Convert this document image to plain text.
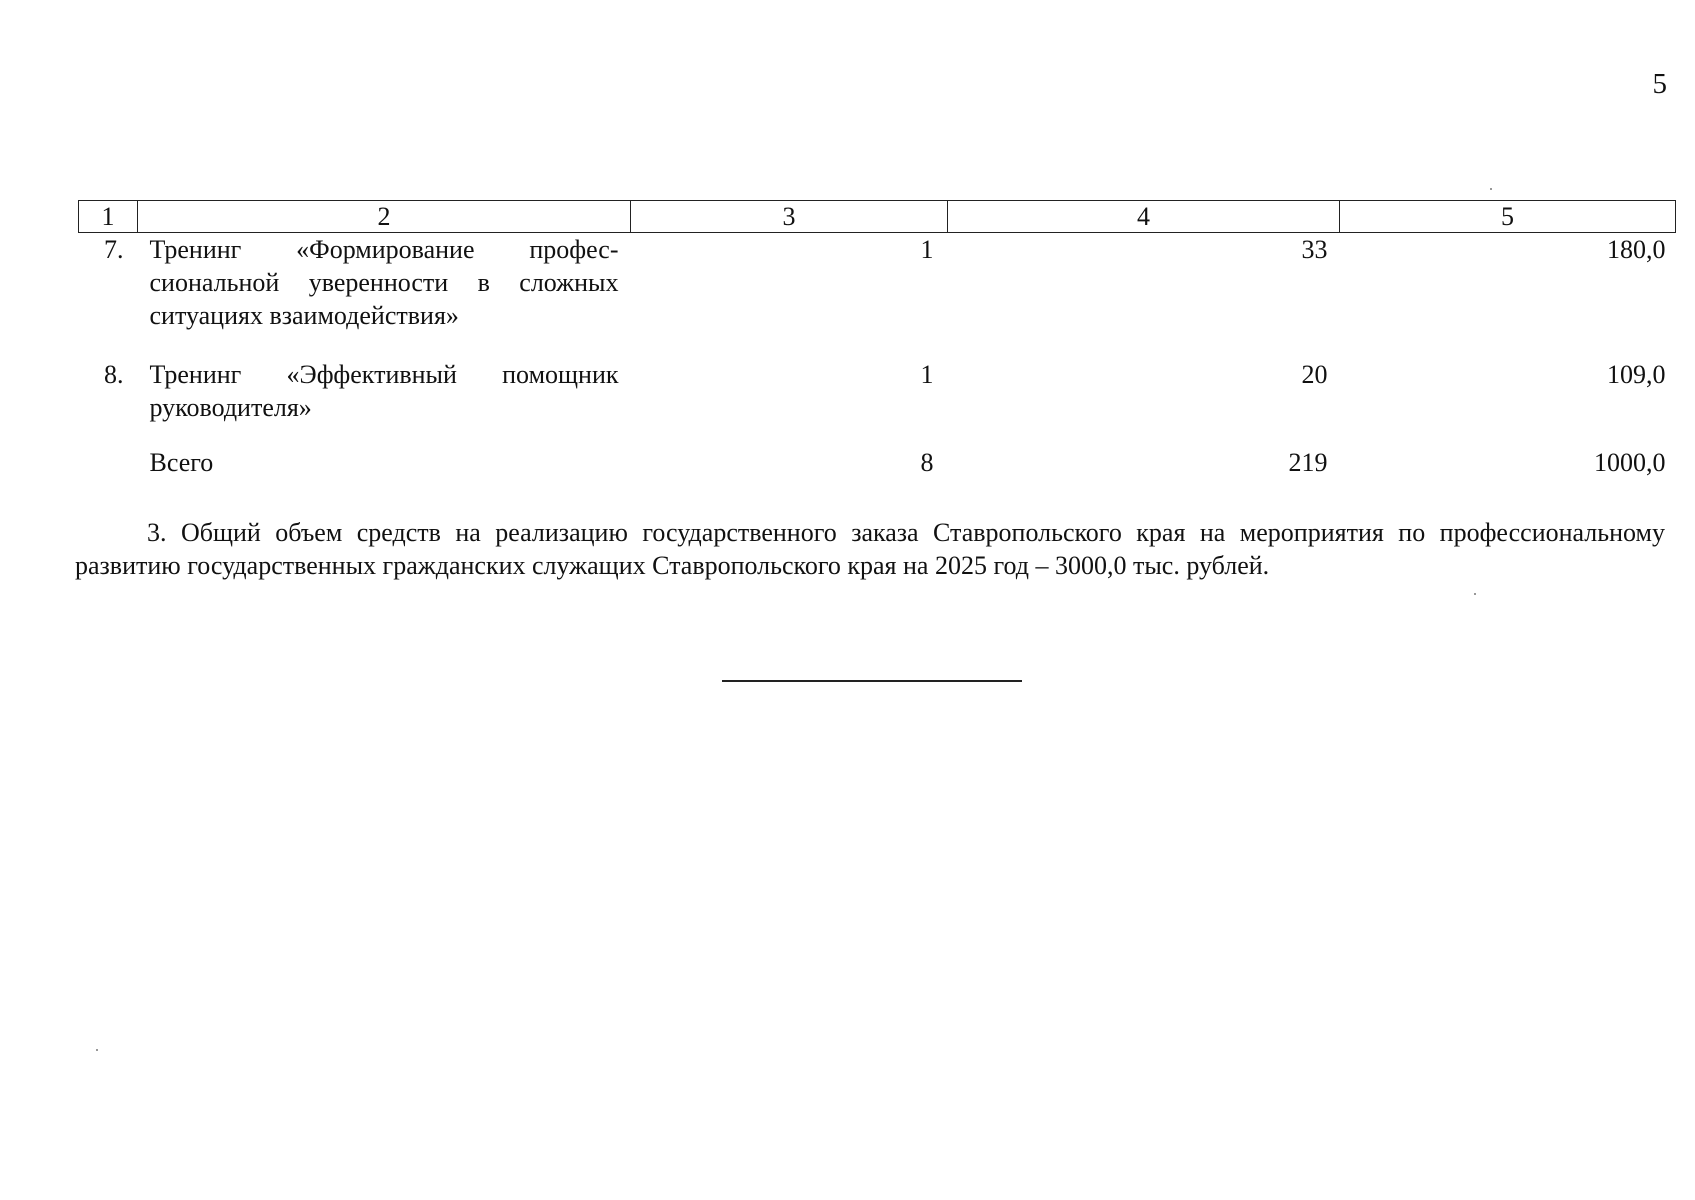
5
1	2	3	4	5
7.	Тренинг «Формирование профессиональной уверенности в сложных ситуациях взаимодействия»	1	33	180,0

8.	Тренинг «Эффективный помощник руководителя»	1	20	109,0

	Всего	8	219	1000,0

3. Общий объем средств на реализацию государственного заказа Ставропольского края на мероприятия по профессиональному развитию государственных гражданских служащих Ставропольского края на 2025 год – 3000,0 тыс. рублей.
